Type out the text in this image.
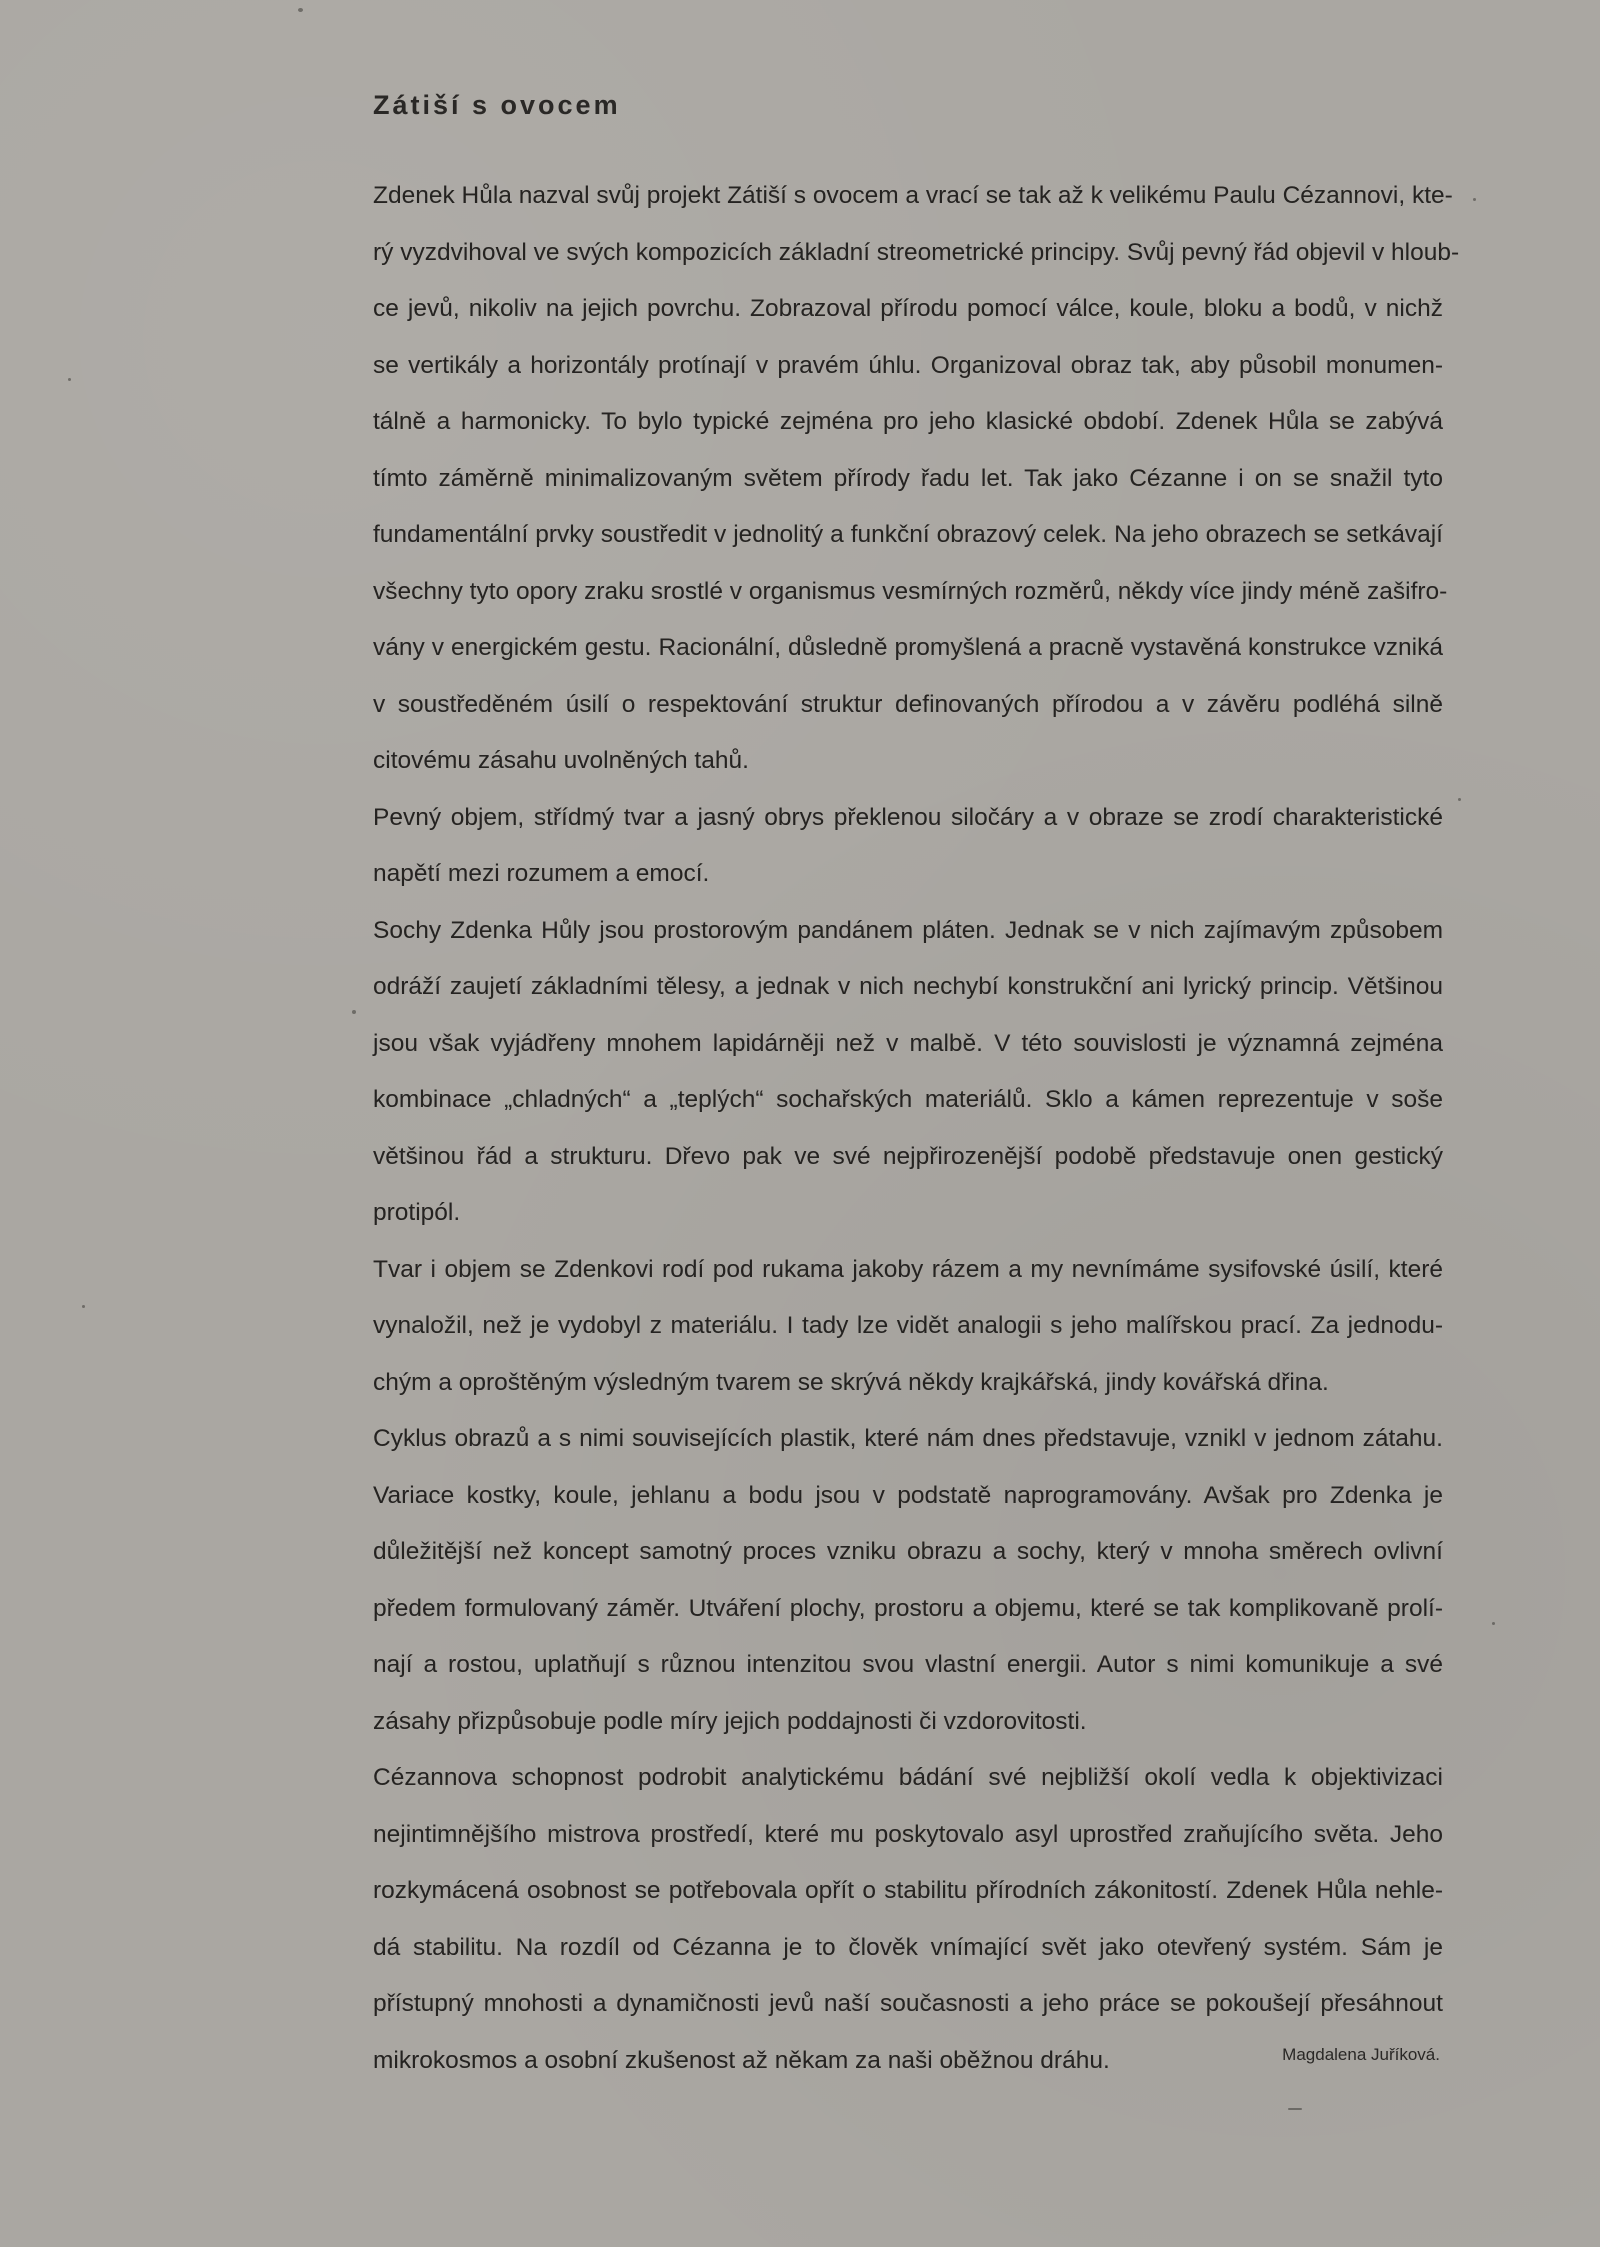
Zátiší s ovocem
Zdenek Hůla nazval svůj projekt Zátiší s ovocem a vrací se tak až k velikému Paulu Cézannovi, kte-
rý vyzdvihoval ve svých kompozicích základní streometrické principy. Svůj pevný řád objevil v hloub-
ce jevů, nikoliv na jejich povrchu. Zobrazoval přírodu pomocí válce, koule, bloku a bodů, v nichž
se vertikály a horizontály protínají v pravém úhlu. Organizoval obraz tak, aby působil monumen-
tálně a harmonicky. To bylo typické zejména pro jeho klasické období. Zdenek Hůla se zabývá
tímto záměrně minimalizovaným světem přírody řadu let. Tak jako Cézanne i on se snažil tyto
fundamentální prvky soustředit v jednolitý a funkční obrazový celek. Na jeho obrazech se setkávají
všechny tyto opory zraku srostlé v organismus vesmírných rozměrů, někdy více jindy méně zašifro-
vány v energickém gestu. Racionální, důsledně promyšlená a pracně vystavěná konstrukce vzniká
v soustředěném úsilí o respektování struktur definovaných přírodou a v závěru podléhá silně
citovému zásahu uvolněných tahů.
Pevný objem, střídmý tvar a jasný obrys překlenou siločáry a v obraze se zrodí charakteristické
napětí mezi rozumem a emocí.
Sochy Zdenka Hůly jsou prostorovým pandánem pláten. Jednak se v nich zajímavým způsobem
odráží zaujetí základními tělesy, a jednak v nich nechybí konstrukční ani lyrický princip. Většinou
jsou však vyjádřeny mnohem lapidárněji než v malbě. V této souvislosti je významná zejména
kombinace „chladných“ a „teplých“ sochařských materiálů. Sklo a kámen reprezentuje v soše
většinou řád a strukturu. Dřevo pak ve své nejpřirozenější podobě představuje onen gestický
protipól.
Tvar i objem se Zdenkovi rodí pod rukama jakoby rázem a my nevnímáme sysifovské úsilí, které
vynaložil, než je vydobyl z materiálu. I tady lze vidět analogii s jeho malířskou prací. Za jednodu-
chým a oproštěným výsledným tvarem se skrývá někdy krajkářská, jindy kovářská dřina.
Cyklus obrazů a s nimi souvisejících plastik, které nám dnes představuje, vznikl v jednom zátahu.
Variace kostky, koule, jehlanu a bodu jsou v podstatě naprogramovány. Avšak pro Zdenka je
důležitější než koncept samotný proces vzniku obrazu a sochy, který v mnoha směrech ovlivní
předem formulovaný záměr. Utváření plochy, prostoru a objemu, které se tak komplikovaně prolí-
nají a rostou, uplatňují s různou intenzitou svou vlastní energii. Autor s nimi komunikuje a své
zásahy přizpůsobuje podle míry jejich poddajnosti či vzdorovitosti.
Cézannova schopnost podrobit analytickému bádání své nejbližší okolí vedla k objektivizaci
nejintimnějšího mistrova prostředí, které mu poskytovalo asyl uprostřed zraňujícího světa. Jeho
rozkymácená osobnost se potřebovala opřít o stabilitu přírodních zákonitostí. Zdenek Hůla nehle-
dá stabilitu. Na rozdíl od Cézanna je to člověk vnímající svět jako otevřený systém. Sám je
přístupný mnohosti a dynamičnosti jevů naší současnosti a jeho práce se pokoušejí přesáhnout
mikrokosmos a osobní zkušenost až někam za naši oběžnou dráhu.	Magdalena Juříková.
